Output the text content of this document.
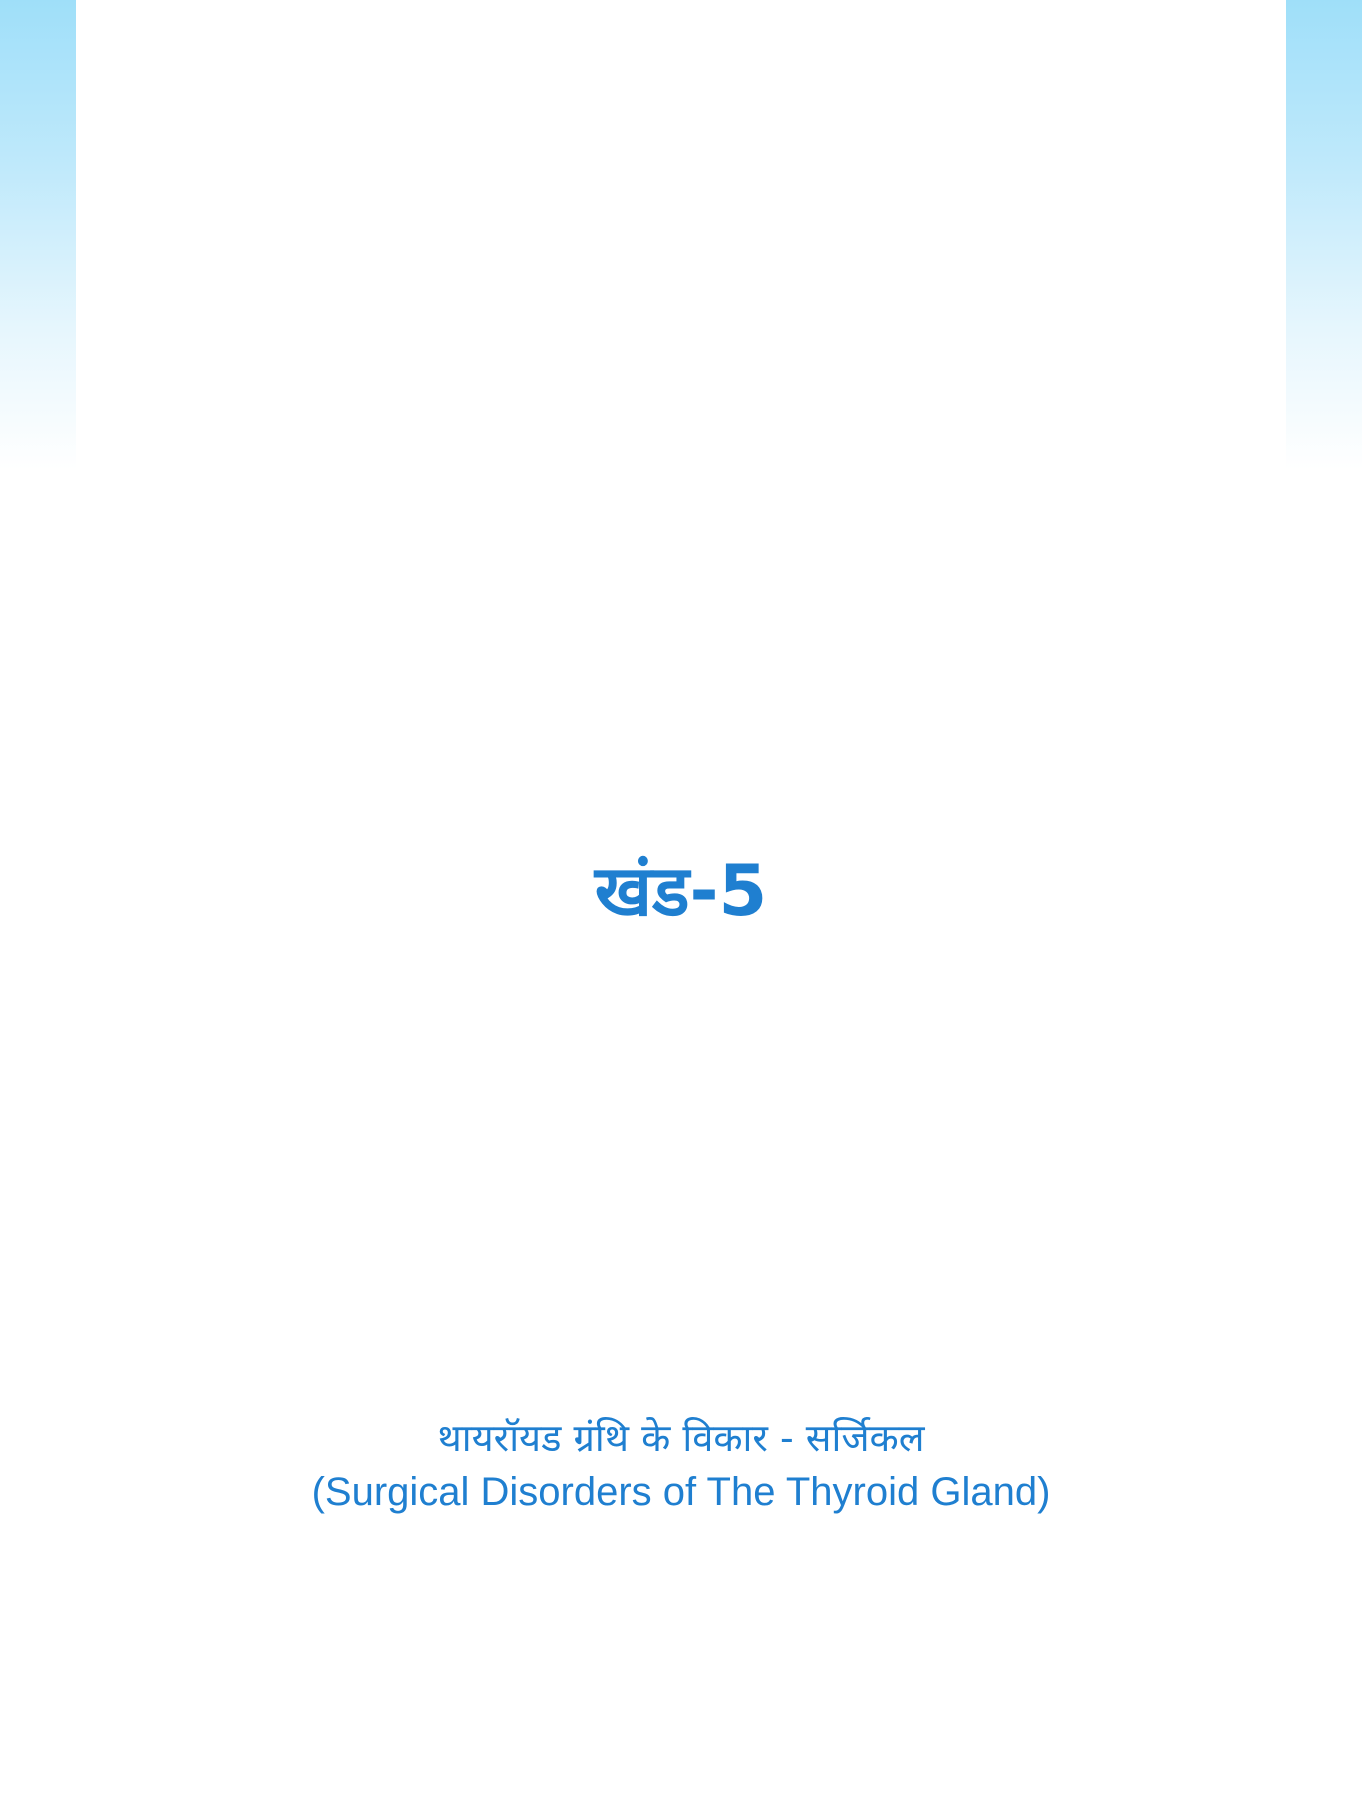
खंड-5
थायरॉयड ग्रंथि के विकार - सर्जिकल
(Surgical Disorders of The Thyroid Gland)
